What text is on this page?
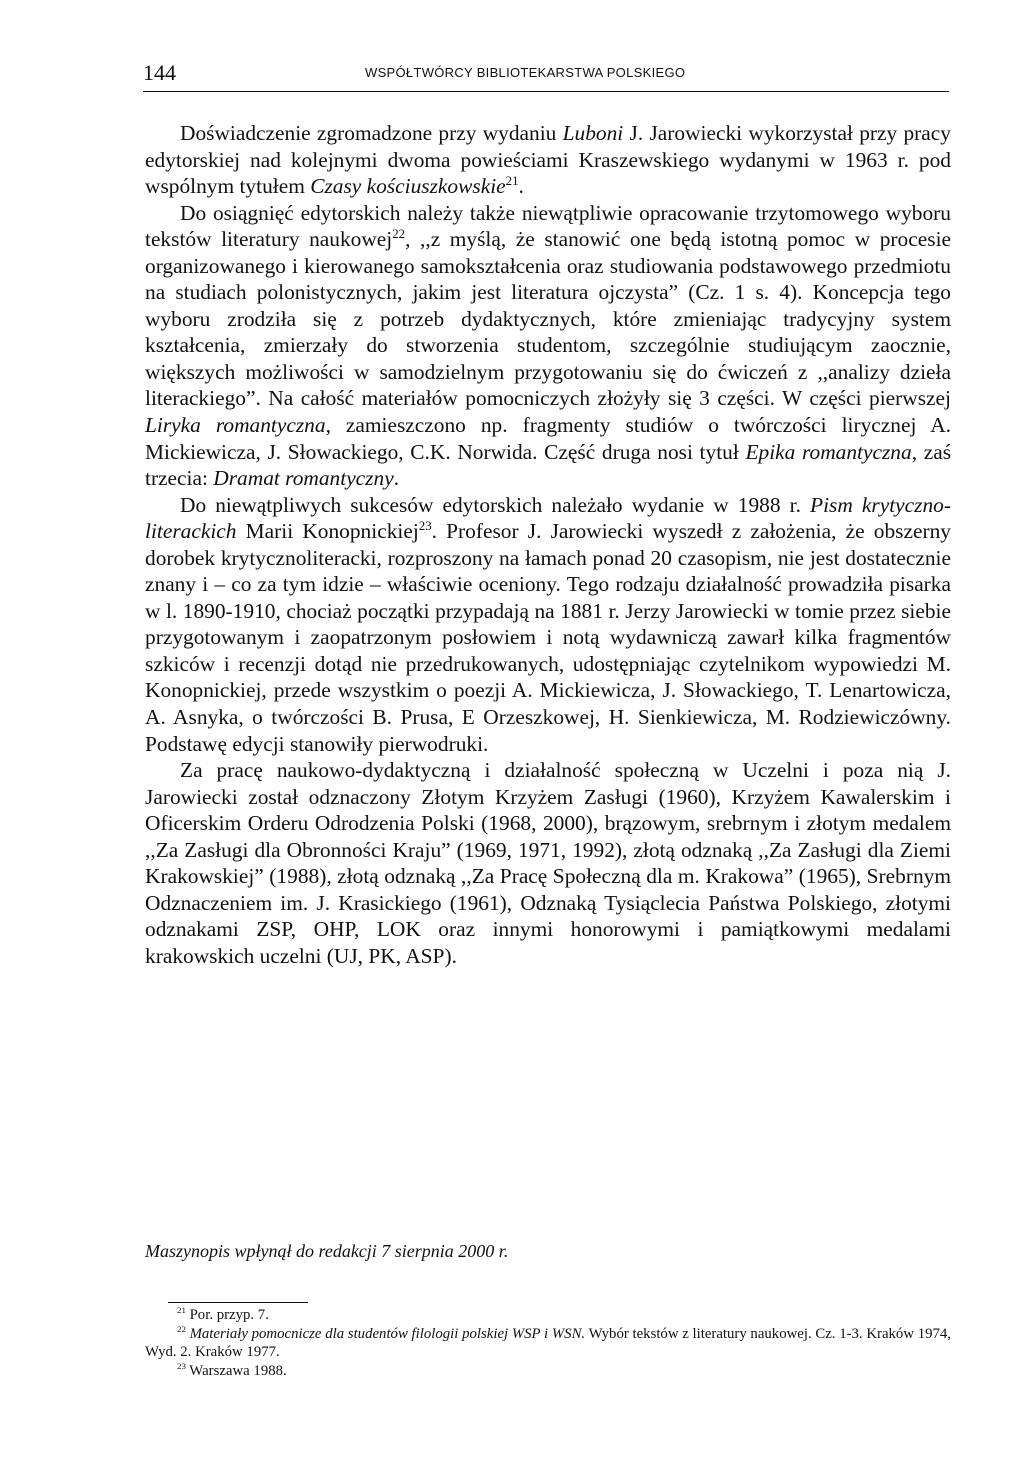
144	WSPÓŁTWÓRCY BIBLIOTEKARSTWA POLSKIEGO

Doświadczenie zgromadzone przy wydaniu Luboni J. Jarowiecki wykorzystał przy pracy edytorskiej nad kolejnymi dwoma powieściami Kraszewskiego wydanymi w 1963 r. pod wspólnym tytułem Czasy kościuszkowskie$^{21}$.

Do osiągnięć edytorskich należy także niewątpliwie opracowanie trzytomowego wyboru tekstów literatury naukowej$^{22}$, ,,z myślą, że stanowić one będą istotną pomoc w procesie organizowanego i kierowanego samokształcenia oraz studiowania podstawowego przedmiotu na studiach polonistycznych, jakim jest literatura ojczysta” (Cz. 1 s. 4). Koncepcja tego wyboru zrodziła się z potrzeb dydaktycznych, które zmieniając tradycyjny system kształcenia, zmierzały do stworzenia studentom, szczególnie studiującym zaocznie, większych możliwości w samodzielnym przygotowaniu się do ćwiczeń z ,,analizy dzieła literackiego”. Na całość materiałów pomocniczych złożyły się 3 części. W części pierwszej Liryka romantyczna, zamieszczono np. fragmenty studiów o twórczości lirycznej A. Mickiewicza, J. Słowackiego, C.K. Norwida. Część druga nosi tytuł Epika romantyczna, zaś trzecia: Dramat romantyczny.

Do niewątpliwych sukcesów edytorskich należało wydanie w 1988 r. Pism krytyczno-literackich Marii Konopnickiej$^{23}$. Profesor J. Jarowiecki wyszedł z założenia, że obszerny dorobek krytycznoliteracki, rozproszony na łamach ponad 20 czasopism, nie jest dostatecznie znany i – co za tym idzie – właściwie oceniony. Tego rodzaju działalność prowadziła pisarka w l. 1890-1910, chociaż początki przypadają na 1881 r. Jerzy Jarowiecki w tomie przez siebie przygotowanym i zaopatrzonym posłowiem i notą wydawniczą zawarł kilka fragmentów szkiców i recenzji dotąd nie przedrukowanych, udostępniając czytelnikom wypowiedzi M. Konopnickiej, przede wszystkim o poezji A. Mickiewicza, J. Słowackiego, T. Lenartowicza, A. Asnyka, o twórczości B. Prusa, E Orzeszkowej, H. Sienkiewicza, M. Rodziewiczówny. Podstawę edycji stanowiły pierwodruki.

Za pracę naukowo-dydaktyczną i działalność społeczną w Uczelni i poza nią J. Jarowiecki został odznaczony Złotym Krzyżem Zasługi (1960), Krzyżem Kawalerskim i Oficerskim Orderu Odrodzenia Polski (1968, 2000), brązowym, srebrnym i złotym medalem ,,Za Zasługi dla Obronności Kraju” (1969, 1971, 1992), złotą odznaką ,,Za Zasługi dla Ziemi Krakowskiej” (1988), złotą odznaką ,,Za Pracę Społeczną dla m. Krakowa” (1965), Srebrnym Odznaczeniem im. J. Krasickiego (1961), Odznaką Tysiąclecia Państwa Polskiego, złotymi odznakami ZSP, OHP, LOK oraz innymi honorowymi i pamiątkowymi medalami krakowskich uczelni (UJ, PK, ASP).

Maszynopis wpłynął do redakcji 7 sierpnia 2000 r.

$^{21}$ Por. przyp. 7.

$^{22}$ Materiały pomocnicze dla studentów filologii polskiej WSP i WSN. Wybór tekstów z literatury naukowej. Cz. 1-3. Kraków 1974, Wyd. 2. Kraków 1977.

$^{23}$ Warszawa 1988.
